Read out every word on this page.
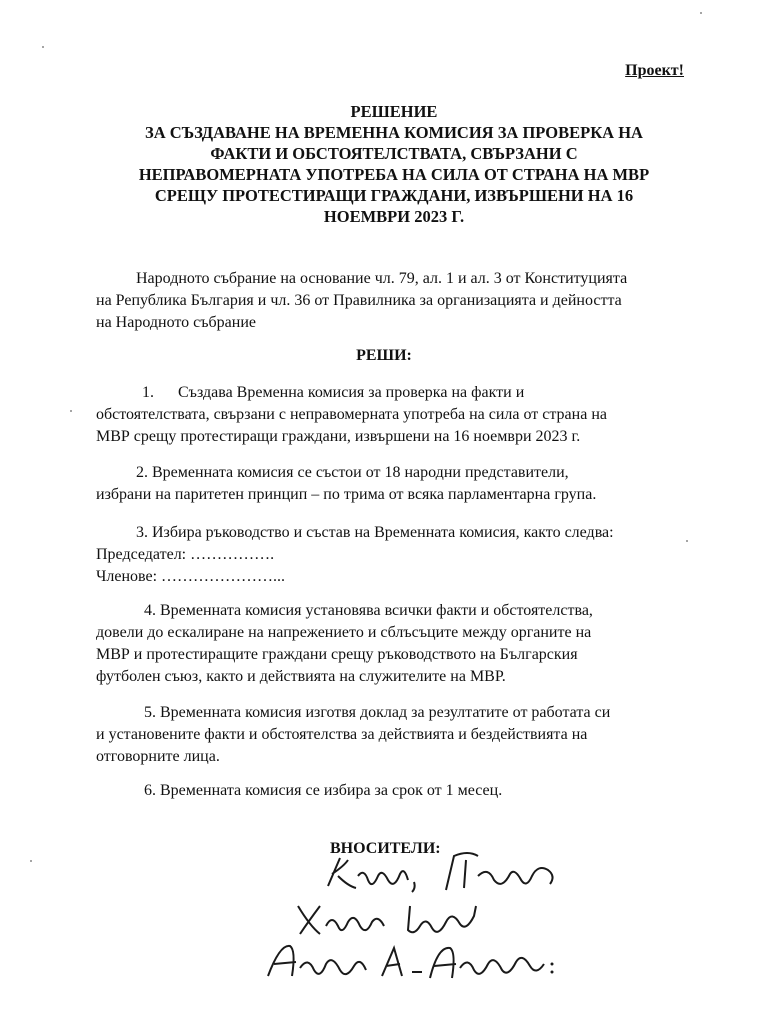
Проект!
РЕШЕНИЕ
ЗА СЪЗДАВАНЕ НА ВРЕМЕННА КОМИСИЯ ЗА ПРОВЕРКА НА
ФАКТИ И ОБСТОЯТЕЛСТВАТА, СВЪРЗАНИ С
НЕПРАВОМЕРНАТА УПОТРЕБА НА СИЛА ОТ СТРАНА НА МВР
СРЕЩУ ПРОТЕСТИРАЩИ ГРАЖДАНИ, ИЗВЪРШЕНИ НА 16
НОЕМВРИ 2023 Г.
Народното събрание на основание чл. 79, ал. 1 и ал. 3 от Конституцията
на Република България и чл. 36 от Правилника за организацията и дейността
на Народното събрание
РЕШИ:
1.      Създава Временна комисия за проверка на факти и
обстоятелствата, свързани с неправомерната употреба на сила от страна на
МВР срещу протестиращи граждани, извършени на 16 ноември 2023 г.
2. Временната комисия се състои от 18 народни представители,
избрани на паритетен принцип – по трима от всяка парламентарна група.
3. Избира ръководство и състав на Временната комисия, както следва:
Председател: …………….
Членове: …………………...
4. Временната комисия установява всички факти и обстоятелства,
довели до ескалиране на напрежението и сблъсъците между органите на
МВР и протестиращите граждани срещу ръководството на Българския
футболен съюз, както и действията на служителите на МВР.
5. Временната комисия изготвя доклад за резултатите от работата си
и установените факти и обстоятелства за действията и бездействията на
отговорните лица.
6. Временната комисия се избира за срок от 1 месец.
ВНОСИТЕЛИ:
